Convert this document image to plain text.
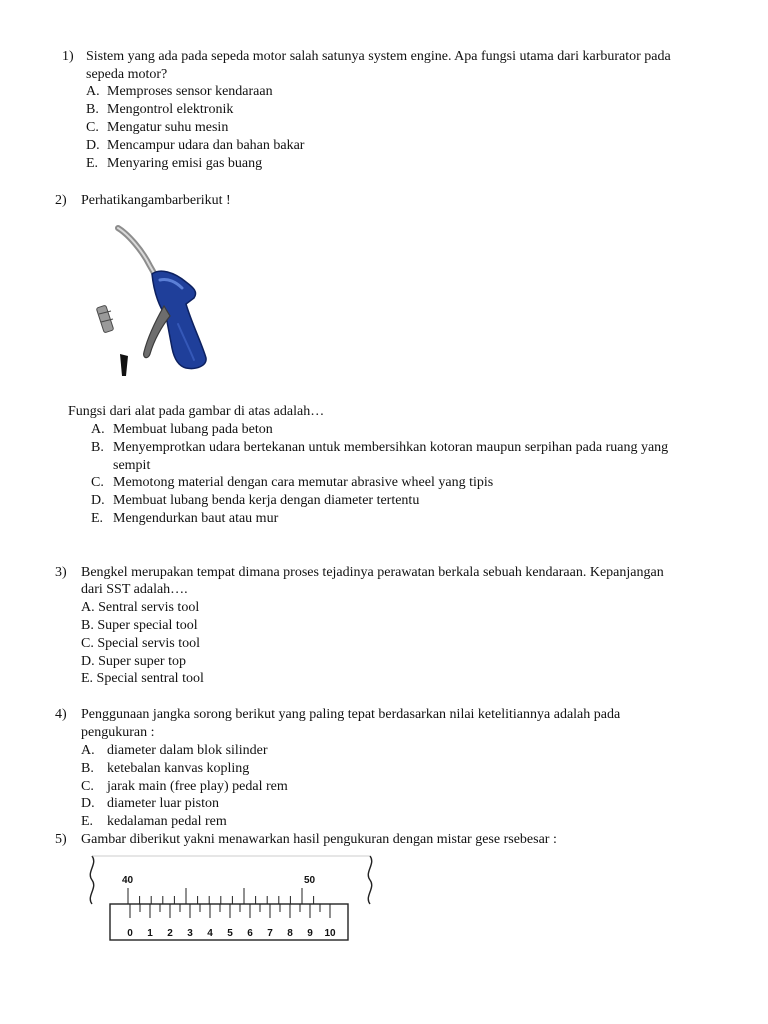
1) Sistem yang ada pada sepeda motor salah satunya system engine. Apa fungsi utama dari karburator pada
sepeda motor?
A. Memproses sensor kendaraan
B. Mengontrol elektronik
C. Mengatur suhu mesin
D. Mencampur udara dan bahan bakar
E. Menyaring emisi gas buang
2) Perhatikangambarberikut !
Fungsi dari alat pada gambar di atas adalah…
A. Membuat lubang pada beton
B. Menyemprotkan udara bertekanan untuk membersihkan kotoran maupun serpihan pada ruang yang
sempit
C. Memotong material dengan cara memutar abrasive wheel yang tipis
D. Membuat lubang benda kerja dengan diameter tertentu
E. Mengendurkan baut atau mur
3) Bengkel merupakan tempat dimana proses tejadinya perawatan berkala sebuah kendaraan. Kepanjangan
dari SST adalah….
A. Sentral servis tool
B. Super special tool
C. Special servis tool
D. Super super top
E. Special sentral tool
4) Penggunaan jangka sorong berikut yang paling tepat berdasarkan nilai ketelitiannya adalah pada
pengukuran :
A. diameter dalam blok silinder
B. ketebalan kanvas kopling
C. jarak main (free play) pedal rem
D. diameter luar piston
E. kedalaman pedal rem
5) Gambar diberikut yakni menawarkan hasil pengukuran dengan mistar gese rsebesar :
40	50
0 1 2 3 4 5 6 7 8 9 10
